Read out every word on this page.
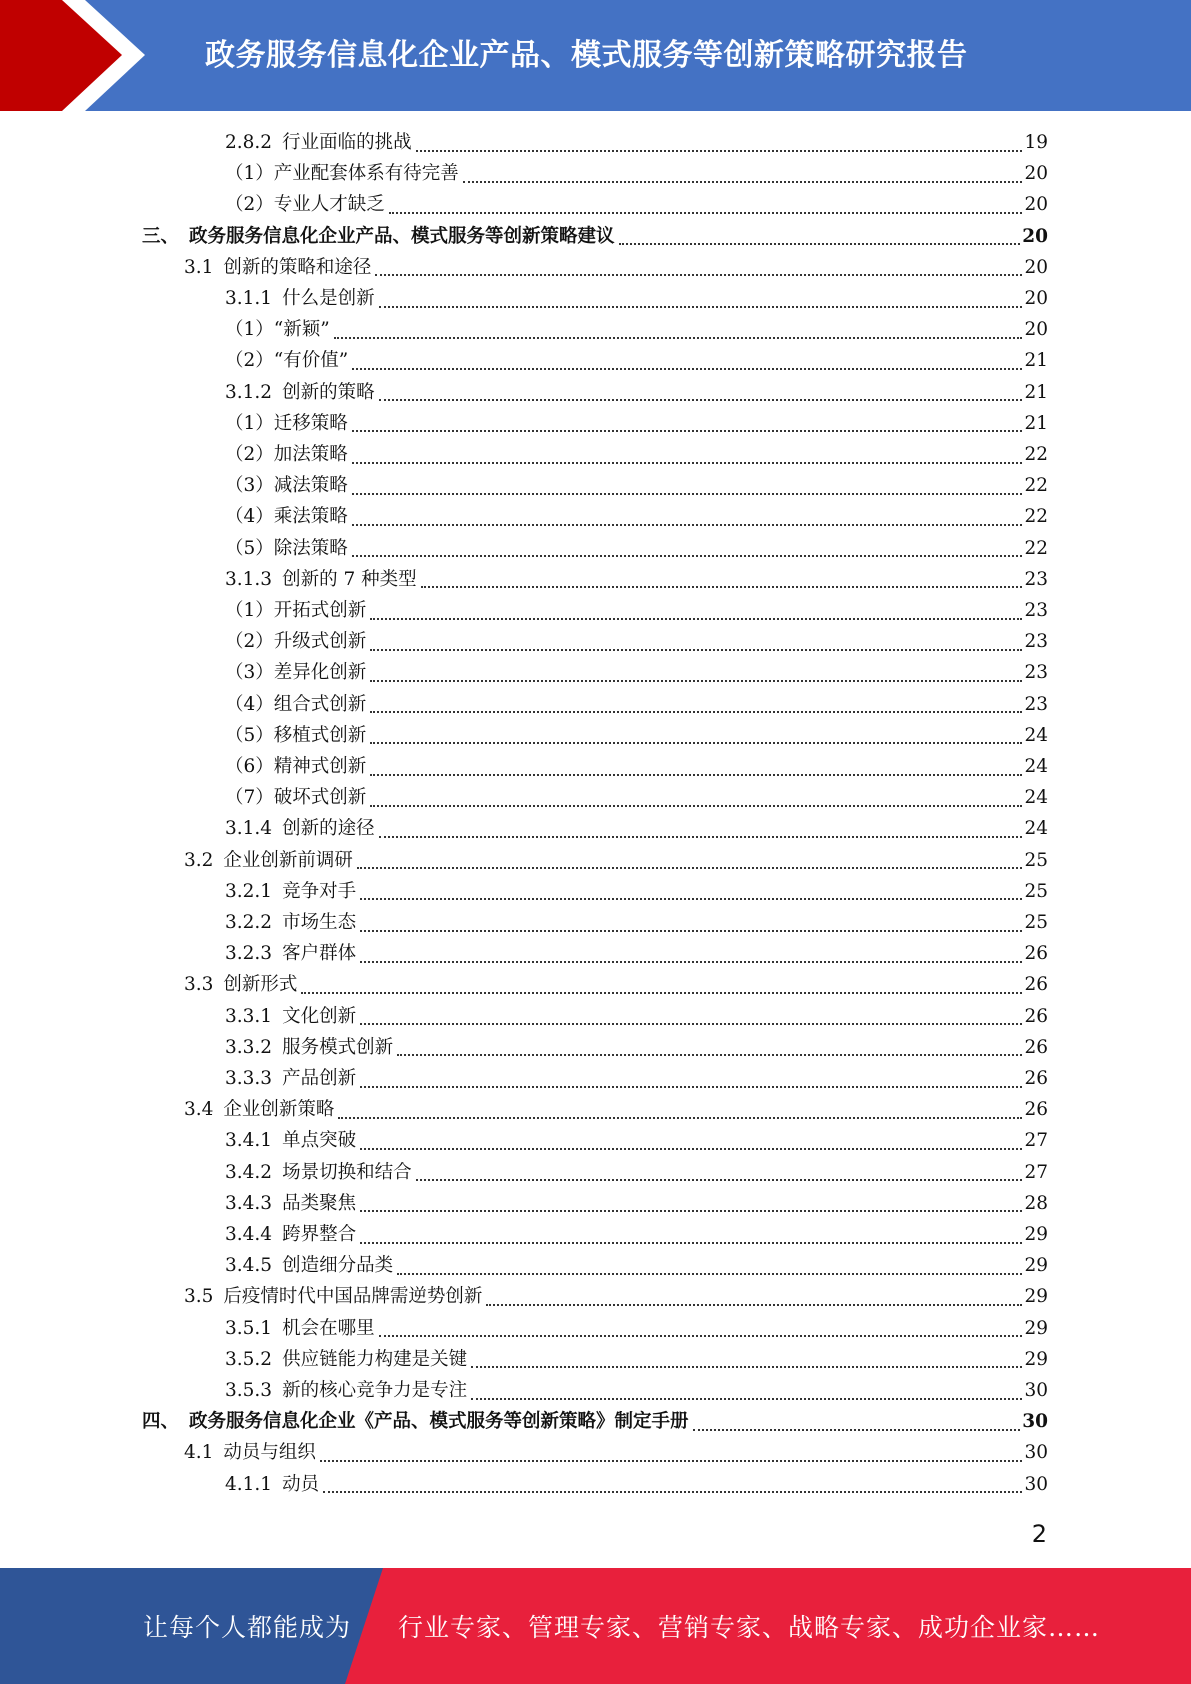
政务服务信息化企业产品、模式服务等创新策略研究报告
2.8.2 行业面临的挑战	19
（1） 产业配套体系有待完善	20
（2） 专业人才缺乏	20
三、 政务服务信息化企业产品、模式服务等创新策略建议	20
3.1 创新的策略和途径	20
3.1.1 什么是创新	20
（1） “新颖”	20
（2） “有价值”	21
3.1.2 创新的策略	21
（1） 迁移策略	21
（2） 加法策略	22
（3） 减法策略	22
（4） 乘法策略	22
（5） 除法策略	22
3.1.3 创新的 7 种类型	23
（1） 开拓式创新	23
（2） 升级式创新	23
（3） 差异化创新	23
（4） 组合式创新	23
（5） 移植式创新	24
（6） 精神式创新	24
（7） 破坏式创新	24
3.1.4 创新的途径	24
3.2 企业创新前调研	25
3.2.1 竞争对手	25
3.2.2 市场生态	25
3.2.3 客户群体	26
3.3 创新形式	26
3.3.1 文化创新	26
3.3.2 服务模式创新	26
3.3.3 产品创新	26
3.4 企业创新策略	26
3.4.1 单点突破	27
3.4.2 场景切换和结合	27
3.4.3 品类聚焦	28
3.4.4 跨界整合	29
3.4.5 创造细分品类	29
3.5 后疫情时代中国品牌需逆势创新	29
3.5.1 机会在哪里	29
3.5.2 供应链能力构建是关键	29
3.5.3 新的核心竞争力是专注	30
四、 政务服务信息化企业《产品、模式服务等创新策略》制定手册	30
4.1 动员与组织	30
4.1.1 动员	30
2
让每个人都能成为 行业专家、管理专家、营销专家、战略专家、成功企业家……
